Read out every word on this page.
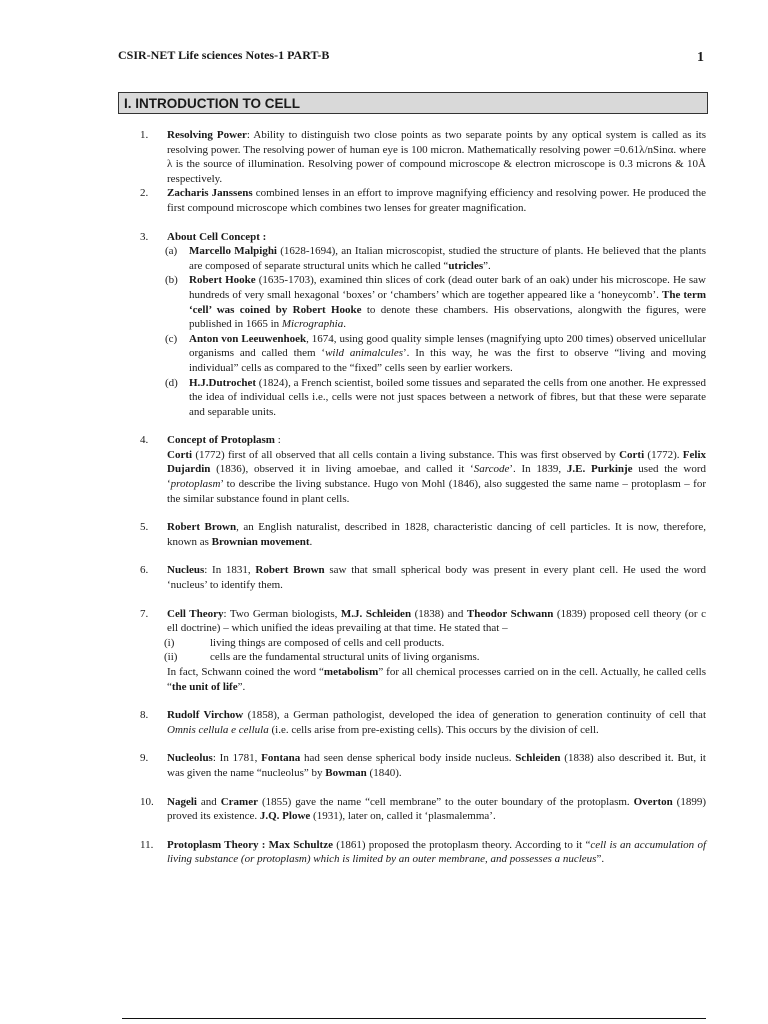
CSIR-NET Life sciences Notes-1 PART-B	1
I. INTRODUCTION TO CELL
1. Resolving Power: Ability to distinguish two close points as two separate points by any optical system is called as its resolving power. The resolving power of human eye is 100 micron. Mathematically resolving power =0.61λ/nSinα. where λ is the source of illumination. Resolving power of compound microscope & electron microscope is 0.3 microns & 10Å respectively.
2. Zacharis Janssens combined lenses in an effort to improve magnifying efficiency and resolving power. He produced the first compound microscope which combines two lenses for greater magnification.
3. About Cell Concept :
(a) Marcello Malpighi (1628-1694), an Italian microscopist, studied the structure of plants. He believed that the plants are composed of separate structural units which he called “utricles”.
(b) Robert Hooke (1635-1703), examined thin slices of cork (dead outer bark of an oak) under his microscope. He saw hundreds of very small hexagonal ‘boxes’ or ‘chambers’ which are together appeared like a ‘honeycomb’. The term ‘cell’ was coined by Robert Hooke to denote these chambers. His observations, alongwith the figures, were published in 1665 in Micrographia.
(c) Anton von Leeuwenhoek, 1674, using good quality simple lenses (magnifying upto 200 times) observed unicellular organisms and called them ‘wild animalcules’. In this way, he was the first to observe “living and moving individual” cells as compared to the “fixed” cells seen by earlier workers.
(d) H.J.Dutrochet (1824), a French scientist, boiled some tissues and separated the cells from one another. He expressed the idea of individual cells i.e., cells were not just spaces between a network of fibres, but that these were separate and separable units.
4. Concept of Protoplasm :
Corti (1772) first of all observed that all cells contain a living substance. This was first observed by Corti (1772). Felix Dujardin (1836), observed it in living amoebae, and called it ‘Sarcode’. In 1839, J.E. Purkinje used the word ‘protoplasm’ to describe the living substance. Hugo von Mohl (1846), also suggested the same name – protoplasm – for the similar substance found in plant cells.
5. Robert Brown, an English naturalist, described in 1828, characteristic dancing of cell particles. It is now, therefore, known as Brownian movement.
6. Nucleus: In 1831, Robert Brown saw that small spherical body was present in every plant cell. He used the word ‘nucleus’ to identify them.
7. Cell Theory: Two German biologists, M.J. Schleiden (1838) and Theodor Schwann (1839) proposed cell theory (or c ell doctrine) – which unified the ideas prevailing at that time. He stated that –
(i)	living things are composed of cells and cell products.
(ii)	cells are the fundamental structural units of living organisms.
In fact, Schwann coined the word “metabolism” for all chemical processes carried on in the cell. Actually, he called cells “the unit of life”.
8. Rudolf Virchow (1858), a German pathologist, developed the idea of generation to generation continuity of cell that Omnis cellula e cellula (i.e. cells arise from pre-existing cells). This occurs by the division of cell.
9. Nucleolus: In 1781, Fontana had seen dense spherical body inside nucleus. Schleiden (1838) also described it. But, it was given the name “nucleolus” by Bowman (1840).
10. Nageli and Cramer (1855) gave the name “cell membrane” to the outer boundary of the protoplasm. Overton (1899) proved its existence. J.Q. Plowe (1931), later on, called it ‘plasmalemma’.
11. Protoplasm Theory : Max Schultze (1861) proposed the protoplasm theory. According to it “cell is an accumulation of living substance (or protoplasm) which is limited by an outer membrane, and possesses a nucleus”.
